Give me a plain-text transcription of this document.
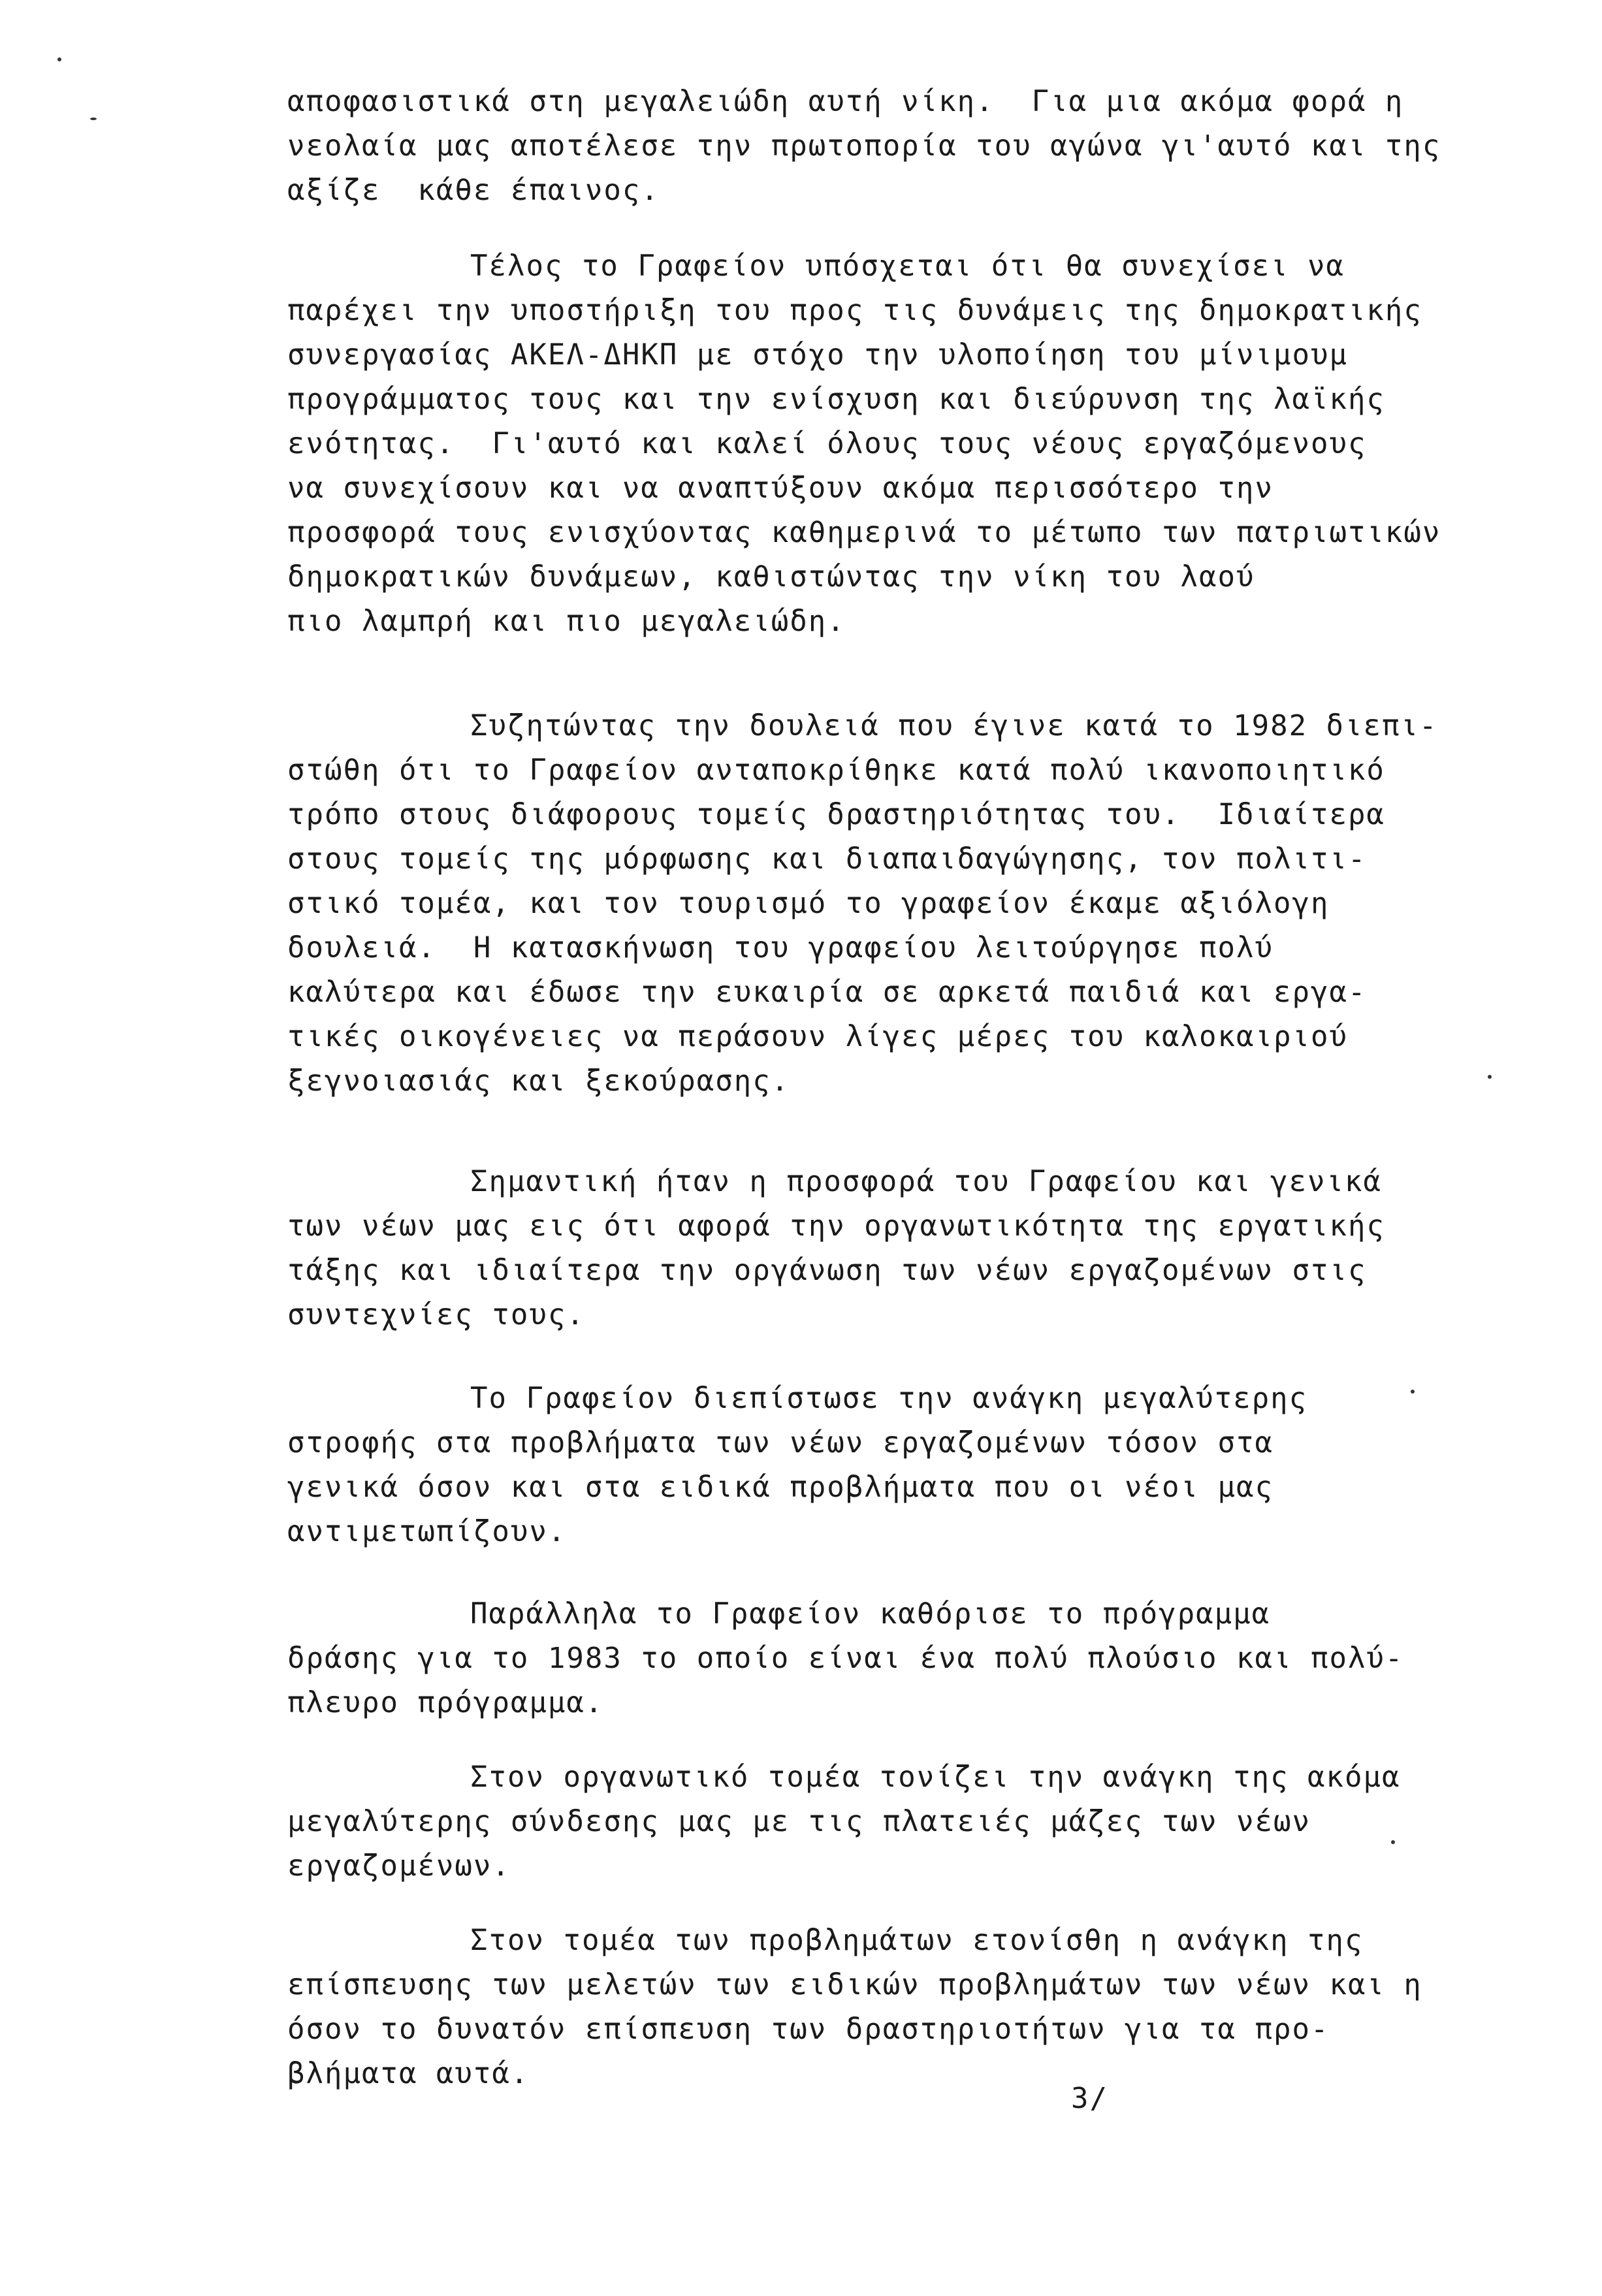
αποφασιστικά στη μεγαλειώδη αυτή νίκη.  Για μια ακόμα φορά η
νεολαία μας αποτέλεσε την πρωτοπορία του αγώνα γι'αυτό και της
αξίζε  κάθε έπαινος.
Τέλος το Γραφείον υπόσχεται ότι θα συνεχίσει να
παρέχει την υποστήριξη του προς τις δυνάμεις της δημοκρατικής
συνεργασίας ΑΚΕΛ-ΔΗΚΠ με στόχο την υλοποίηση του μίνιμουμ
προγράμματος τους και την ενίσχυση και διεύρυνση της λαϊκής
ενότητας.  Γι'αυτό και καλεί όλους τους νέους εργαζόμενους
να συνεχίσουν και να αναπτύξουν ακόμα περισσότερο την
προσφορά τους ενισχύοντας καθημερινά το μέτωπο των πατριωτικών
δημοκρατικών δυνάμεων, καθιστώντας την νίκη του λαού
πιο λαμπρή και πιο μεγαλειώδη.
Συζητώντας την δουλειά που έγινε κατά το 1982 διεπι-
στώθη ότι το Γραφείον ανταποκρίθηκε κατά πολύ ικανοποιητικό
τρόπο στους διάφορους τομείς δραστηριότητας του.  Ιδιαίτερα
στους τομείς της μόρφωσης και διαπαιδαγώγησης, τον πολιτι-
στικό τομέα, και τον τουρισμό το γραφείον έκαμε αξιόλογη
δουλειά.  Η κατασκήνωση του γραφείου λειτούργησε πολύ
καλύτερα και έδωσε την ευκαιρία σε αρκετά παιδιά και εργα-
τικές οικογένειες να περάσουν λίγες μέρες του καλοκαιριού
ξεγνοιασιάς και ξεκούρασης.
Σημαντική ήταν η προσφορά του Γραφείου και γενικά
των νέων μας εις ότι αφορά την οργανωτικότητα της εργατικής
τάξης και ιδιαίτερα την οργάνωση των νέων εργαζομένων στις
συντεχνίες τους.
Το Γραφείον διεπίστωσε την ανάγκη μεγαλύτερης
στροφής στα προβλήματα των νέων εργαζομένων τόσον στα
γενικά όσον και στα ειδικά προβλήματα που οι νέοι μας
αντιμετωπίζουν.
Παράλληλα το Γραφείον καθόρισε το πρόγραμμα
δράσης για το 1983 το οποίο είναι ένα πολύ πλούσιο και πολύ-
πλευρο πρόγραμμα.
Στον οργανωτικό τομέα τονίζει την ανάγκη της ακόμα
μεγαλύτερης σύνδεσης μας με τις πλατειές μάζες των νέων
εργαζομένων.
Στον τομέα των προβλημάτων ετονίσθη η ανάγκη της
επίσπευσης των μελετών των ειδικών προβλημάτων των νέων και η
όσον το δυνατόν επίσπευση των δραστηριοτήτων για τα προ-
βλήματα αυτά.
3/
